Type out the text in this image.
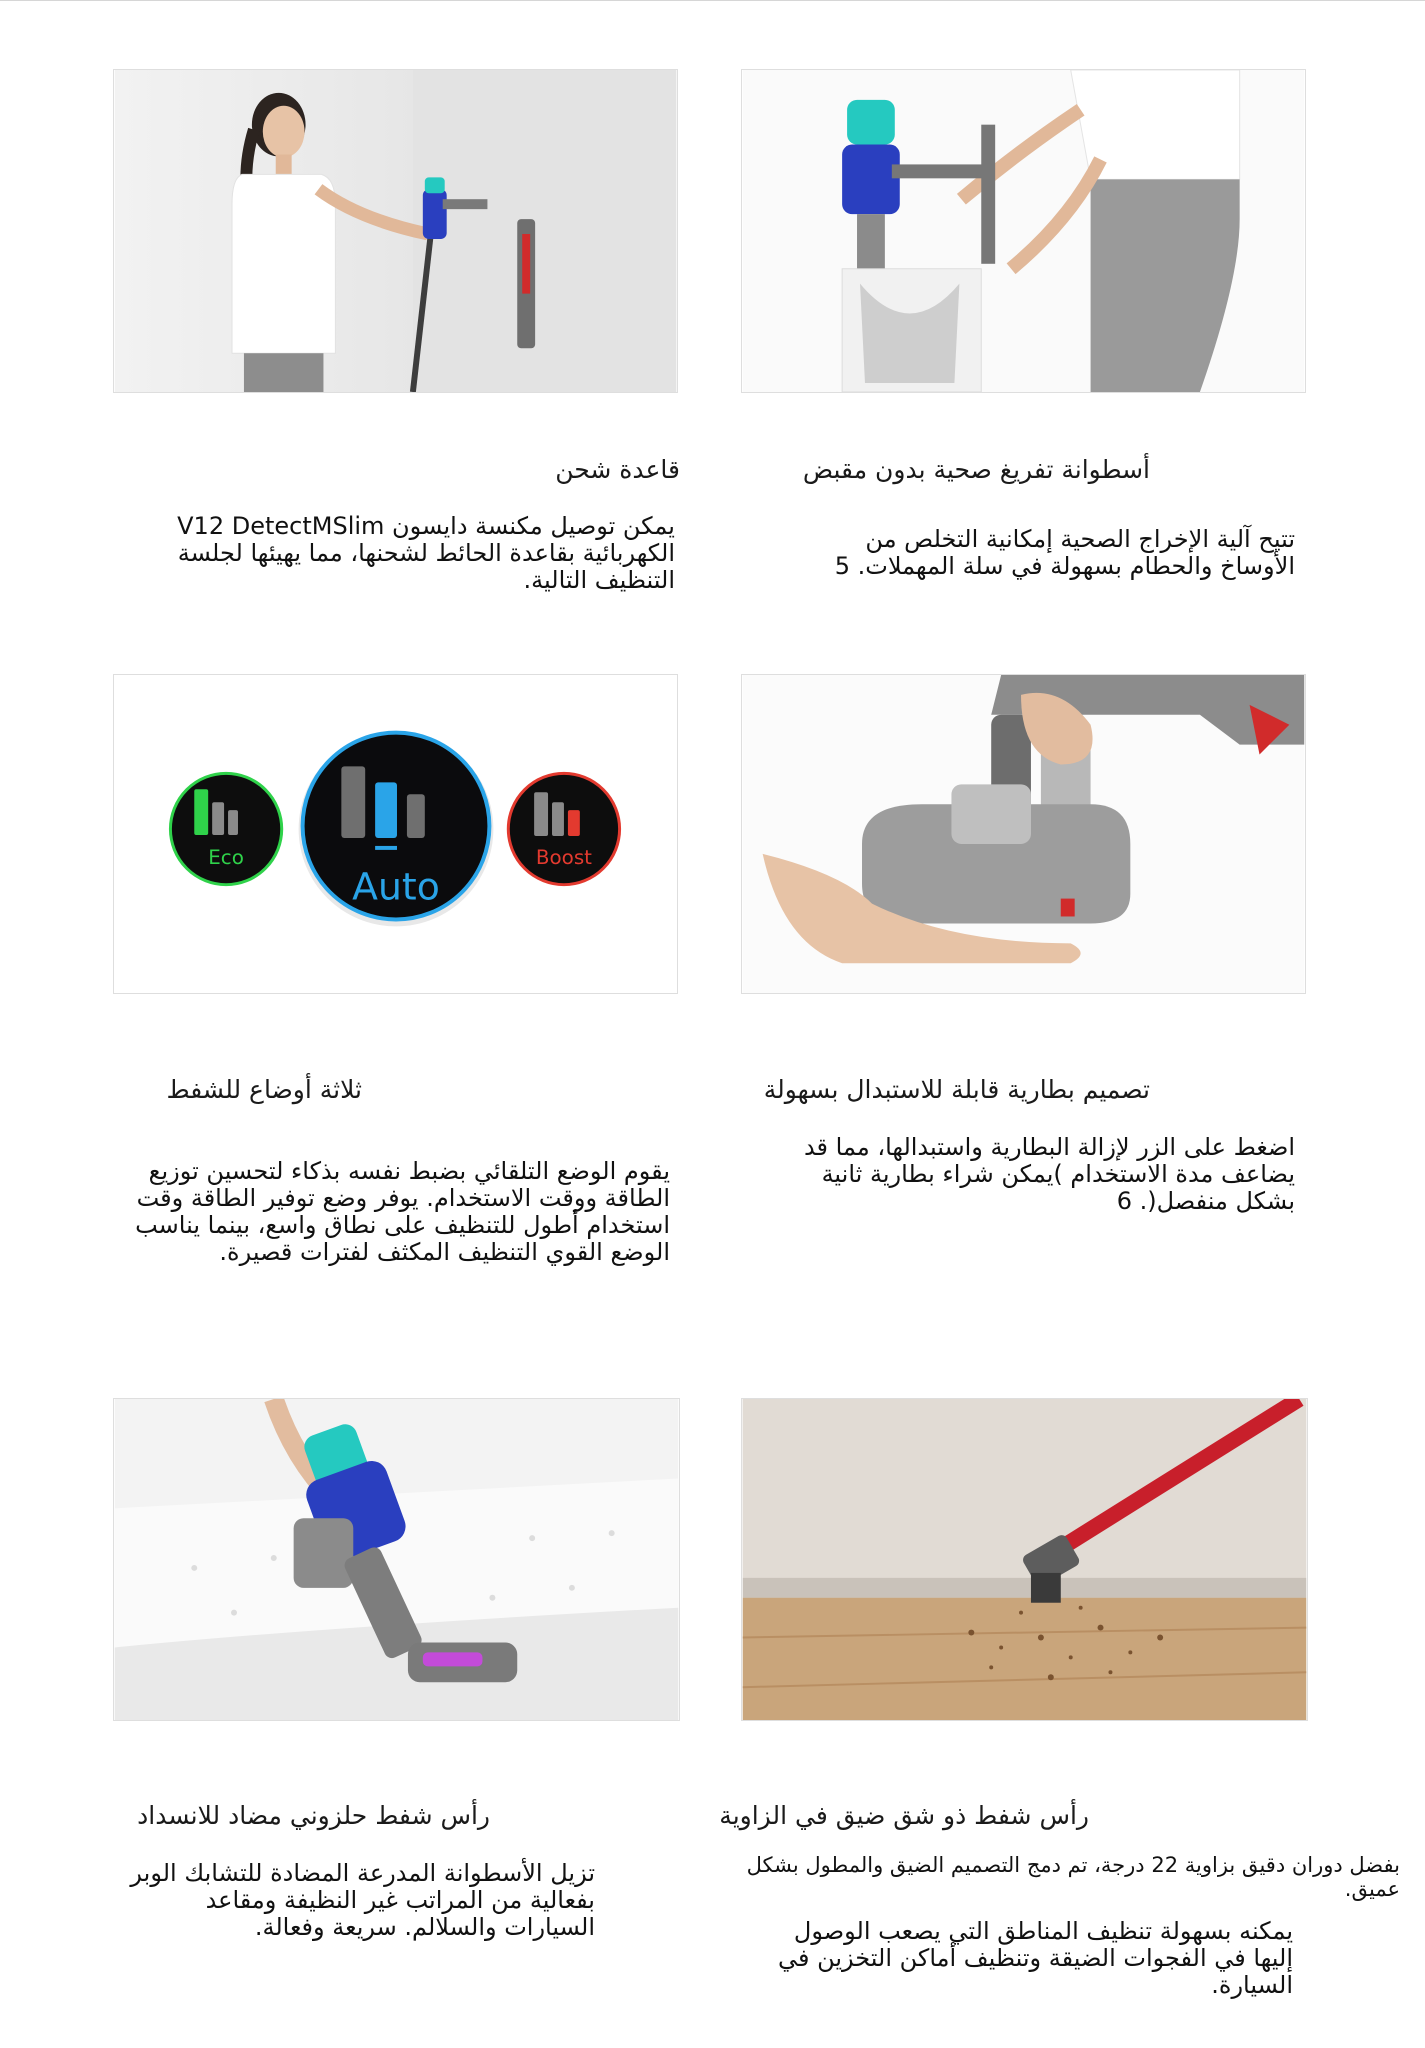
قاعدة شحن
يمكن توصيل مكنسة دايسون V12 DetectMSlim الكهربائية بقاعدة الحائط لشحنها، مما يهيئها لجلسة التنظيف التالية.
أسطوانة تفريغ صحية بدون مقبض
تتيح آلية الإخراج الصحية إمكانية التخلص من الأوساخ والحطام بسهولة في سلة المهملات. 5
Eco
Auto
Boost
ثلاثة أوضاع للشفط
يقوم الوضع التلقائي بضبط نفسه بذكاء لتحسين توزيع الطاقة ووقت الاستخدام. يوفر وضع توفير الطاقة وقت استخدام أطول للتنظيف على نطاق واسع، بينما يناسب الوضع القوي التنظيف المكثف لفترات قصيرة.
تصميم بطارية قابلة للاستبدال بسهولة
اضغط على الزر لإزالة البطارية واستبدالها، مما قد يضاعف مدة الاستخدام )يمكن شراء بطارية ثانية بشكل منفصل(. 6
رأس شفط حلزوني مضاد للانسداد
تزيل الأسطوانة المدرعة المضادة للتشابك الوبر بفعالية من المراتب غير النظيفة ومقاعد السيارات والسلالم. سريعة وفعالة.
رأس شفط ذو شق ضيق في الزاوية
بفضل دوران دقيق بزاوية 22 درجة، تم دمج التصميم الضيق والمطول بشكل عميق.
يمكنه بسهولة تنظيف المناطق التي يصعب الوصول إليها في الفجوات الضيقة وتنظيف أماكن التخزين في السيارة.
